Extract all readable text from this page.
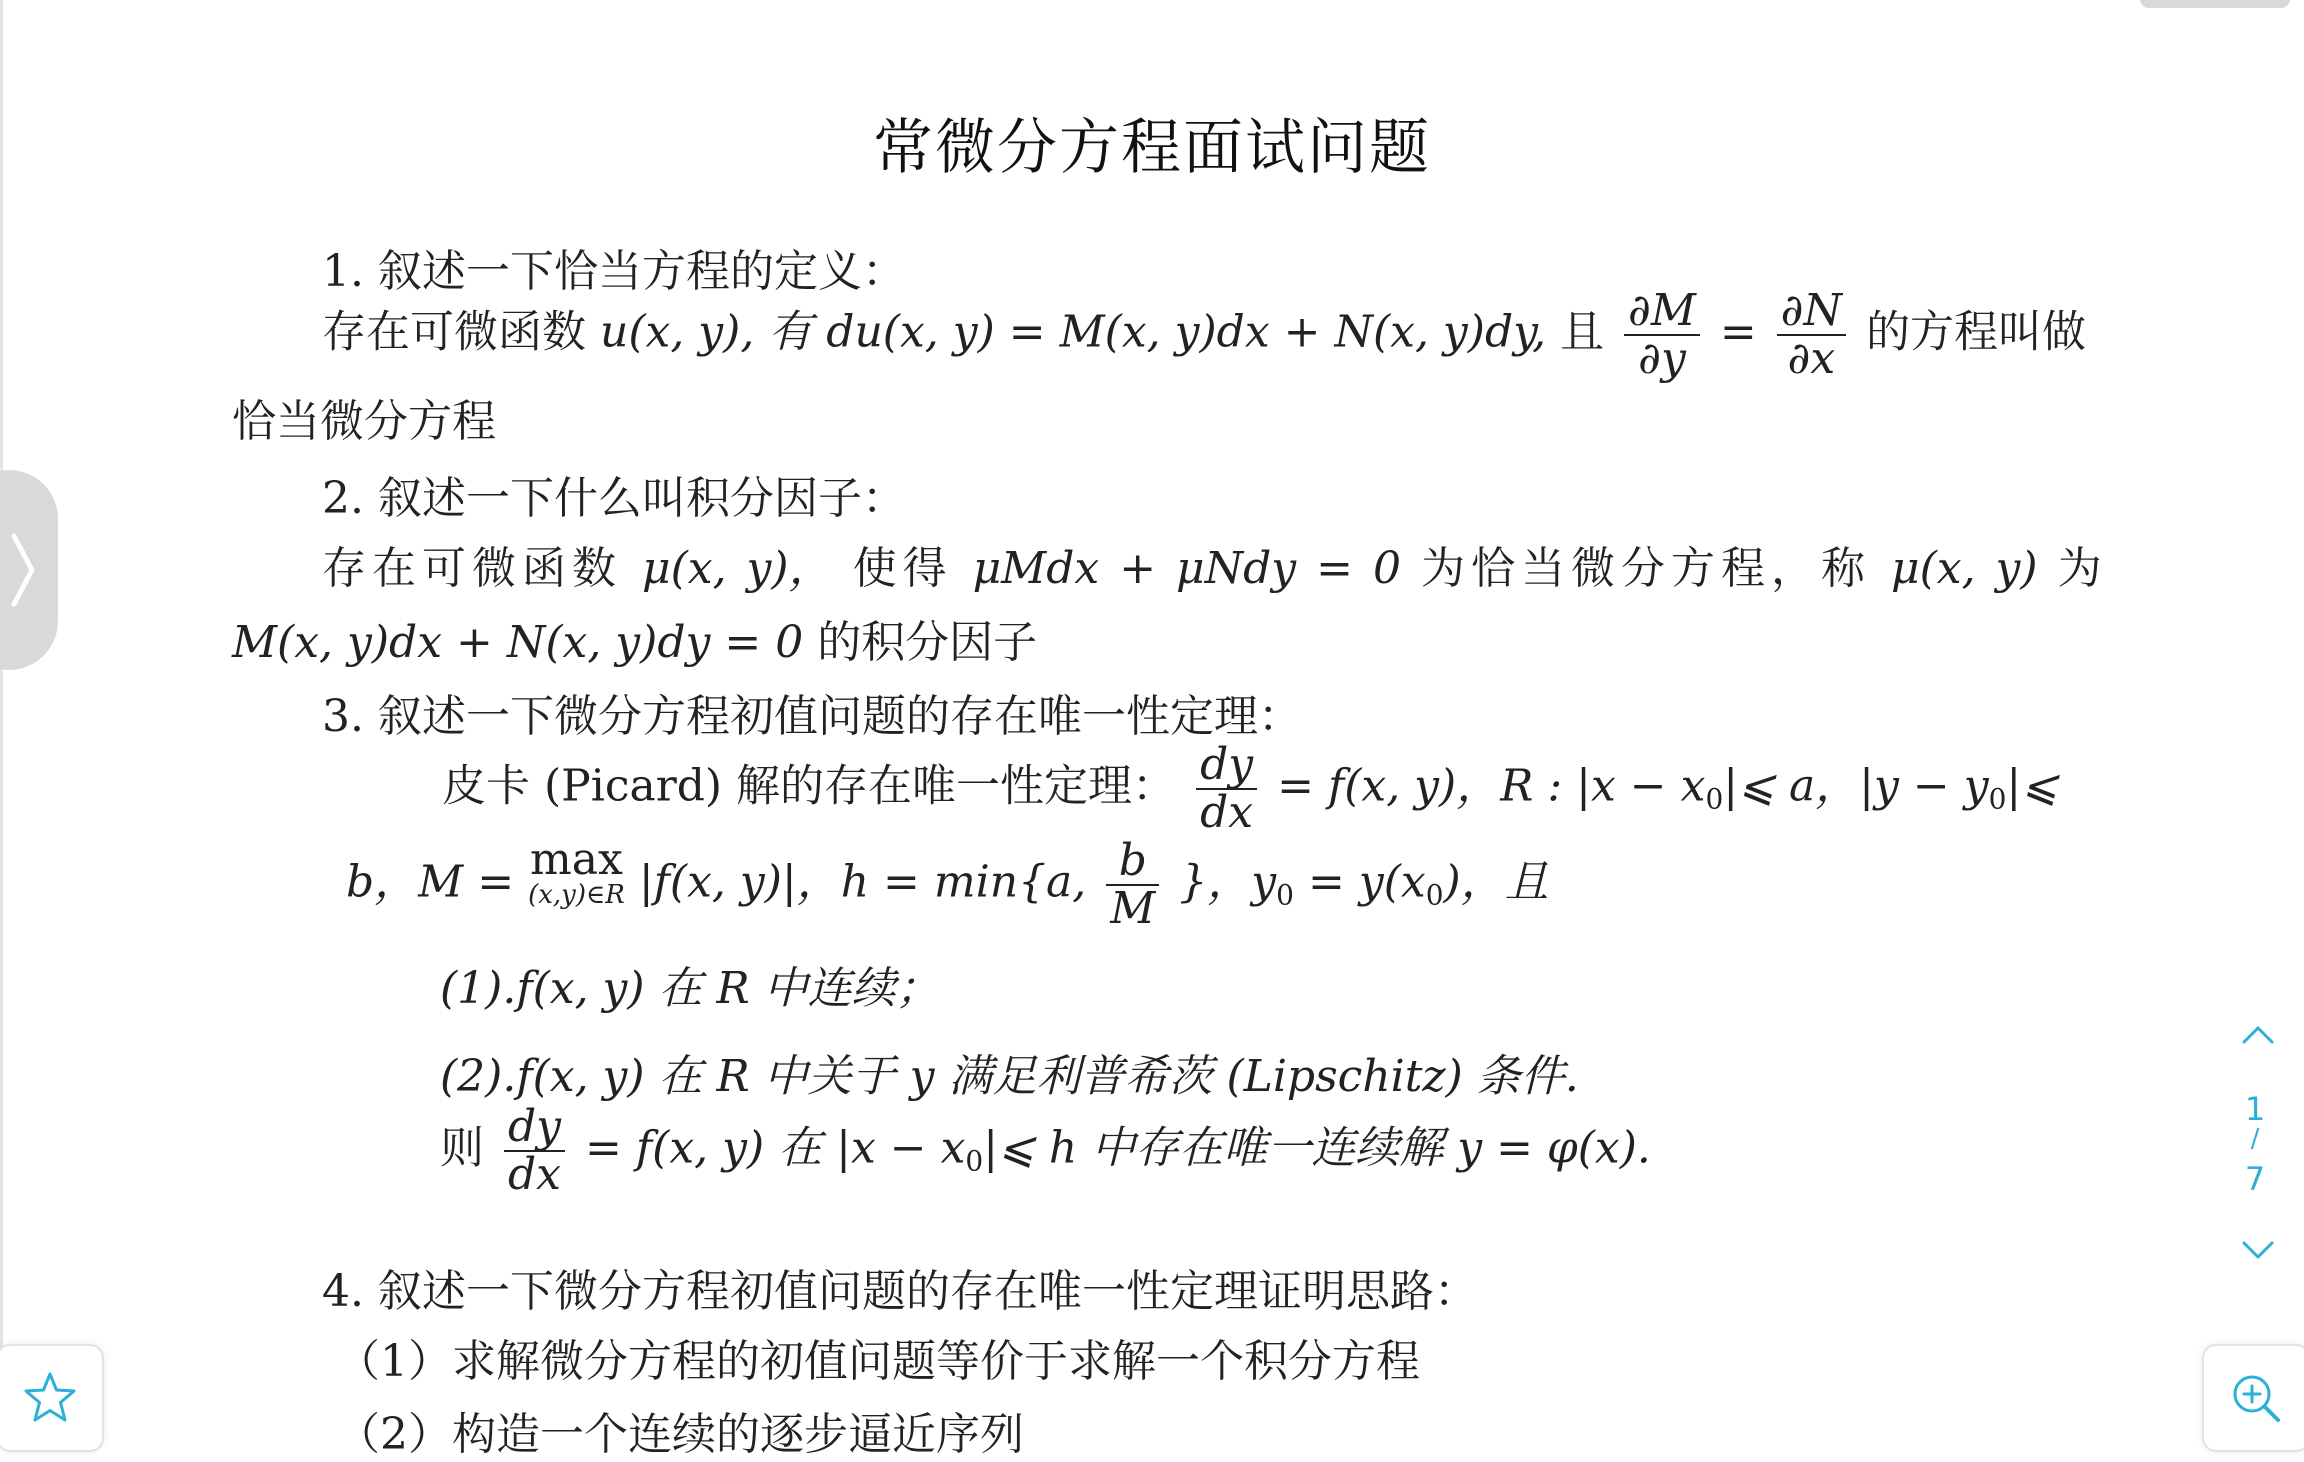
常微分方程面试问题
1. 叙述一下恰当方程的定义：
存在可微函数 u(x, y), 有 du(x, y) = M(x, y)dx + N(x, y)dy, 且 $\frac{\partial M}{\partial y} = \frac{\partial N}{\partial x}$ 的方程叫做
恰当微分方程
2. 叙述一下什么叫积分因子：
存在可微函数 μ(x, y)， 使得 μMdx + μNdy = 0 为恰当微分方程，称 μ(x, y) 为
M(x, y)dx + N(x, y)dy = 0 的积分因子
3. 叙述一下微分方程初值问题的存在唯一性定理：
皮卡 (Picard) 解的存在唯一性定理： $\frac{dy}{dx} = f(x$, y)，R : $|x - x_0|⩽$ a，$|y - y_0|⩽$
b，M = max
(x,y)∈R |f(x, y)|，h = min{a, $\frac{b}{M}$ }，$y_0 = y(x_0)$，且
(1).f(x, y) 在 R 中连续；
(2).f(x, y) 在 R 中关于 y 满足利普希茨 (Lipschitz) 条件.
则 $\frac{dy}{dx} = f(x$, y) 在 $|x - x_0|⩽$ h 中存在唯一连续解 y = φ(x).
4. 叙述一下微分方程初值问题的存在唯一性定理证明思路：
（1）求解微分方程的初值问题等价于求解一个积分方程
（2）构造一个连续的逐步逼近序列
1
/
7
